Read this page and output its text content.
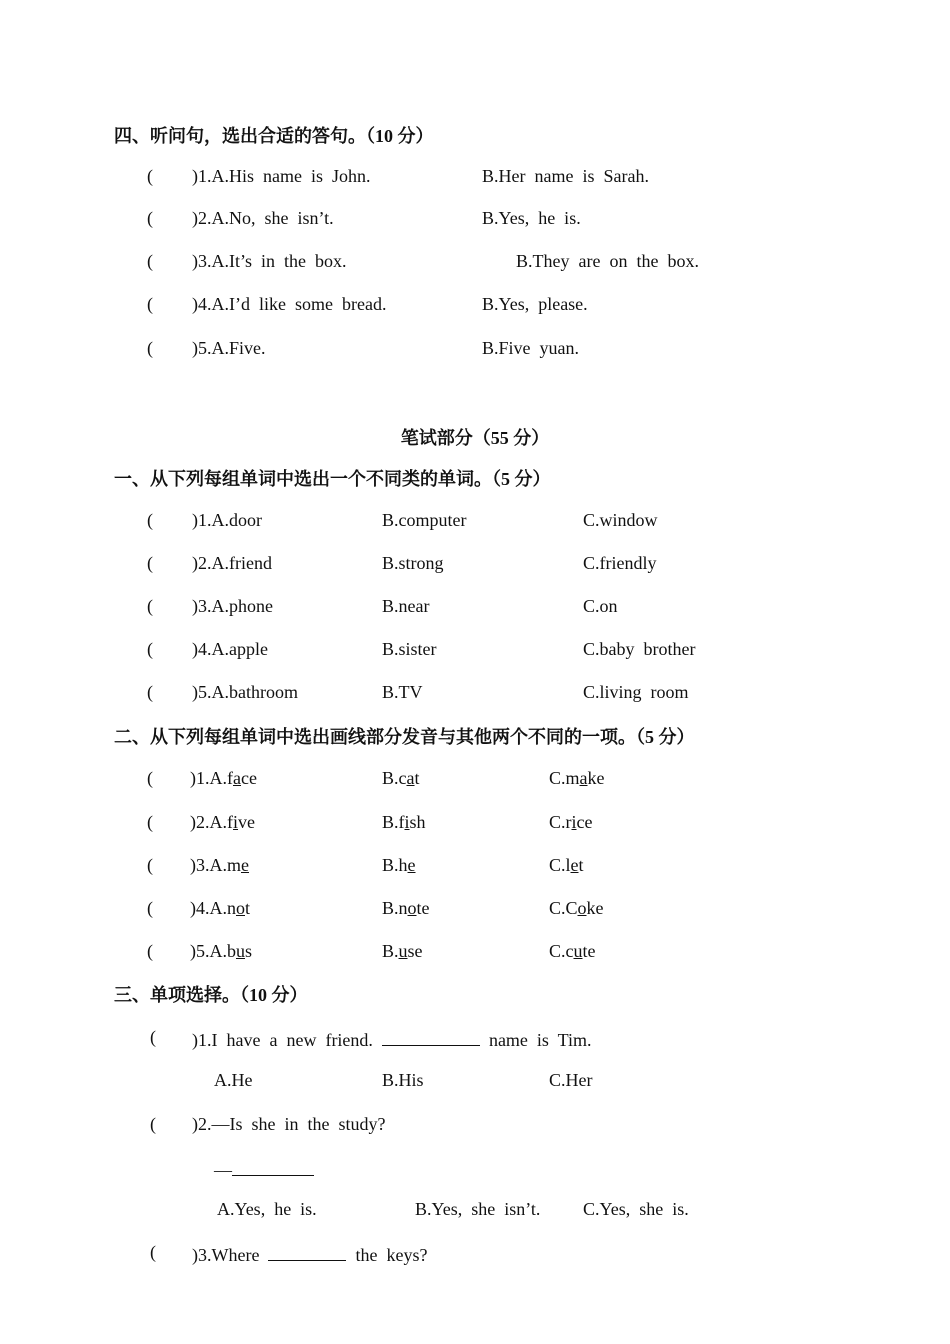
四、听问句，选出合适的答句。（10 分）
( )1.A.His  name  is  John.	B.Her  name  is  Sarah.
( )2.A.No,  she  isn’t.	B.Yes,  he  is.
( )3.A.It’s  in  the  box.	B.They  are  on  the  box.
( )4.A.I’d  like  some  bread.	B.Yes,  please.
( )5.A.Five.	B.Five  yuan.
笔试部分（55 分）
一、从下列每组单词中选出一个不同类的单词。（5 分）
( )1.A.door	B.computer	C.window
( )2.A.friend	B.strong	C.friendly
( )3.A.phone	B.near	C.on
( )4.A.apple	B.sister	C.baby  brother
( )5.A.bathroom	B.TV	C.living  room
二、从下列每组单词中选出画线部分发音与其他两个不同的一项。（5 分）
( )1.A.face	B.cat	C.make
( )2.A.five	B.fish	C.rice
( )3.A.me	B.he	C.let
( )4.A.not	B.note	C.Coke
( )5.A.bus	B.use	C.cute
三、单项选择。（10 分）
( )1.I  have  a  new  friend.	name  is  Tim.
A.He	B.His	C.Her
( )2.—Is  she  in  the  study?
—
A.Yes,  he  is.	B.Yes,  she  isn’t. C.Yes,  she  is.
( )3.Where	the  keys?
